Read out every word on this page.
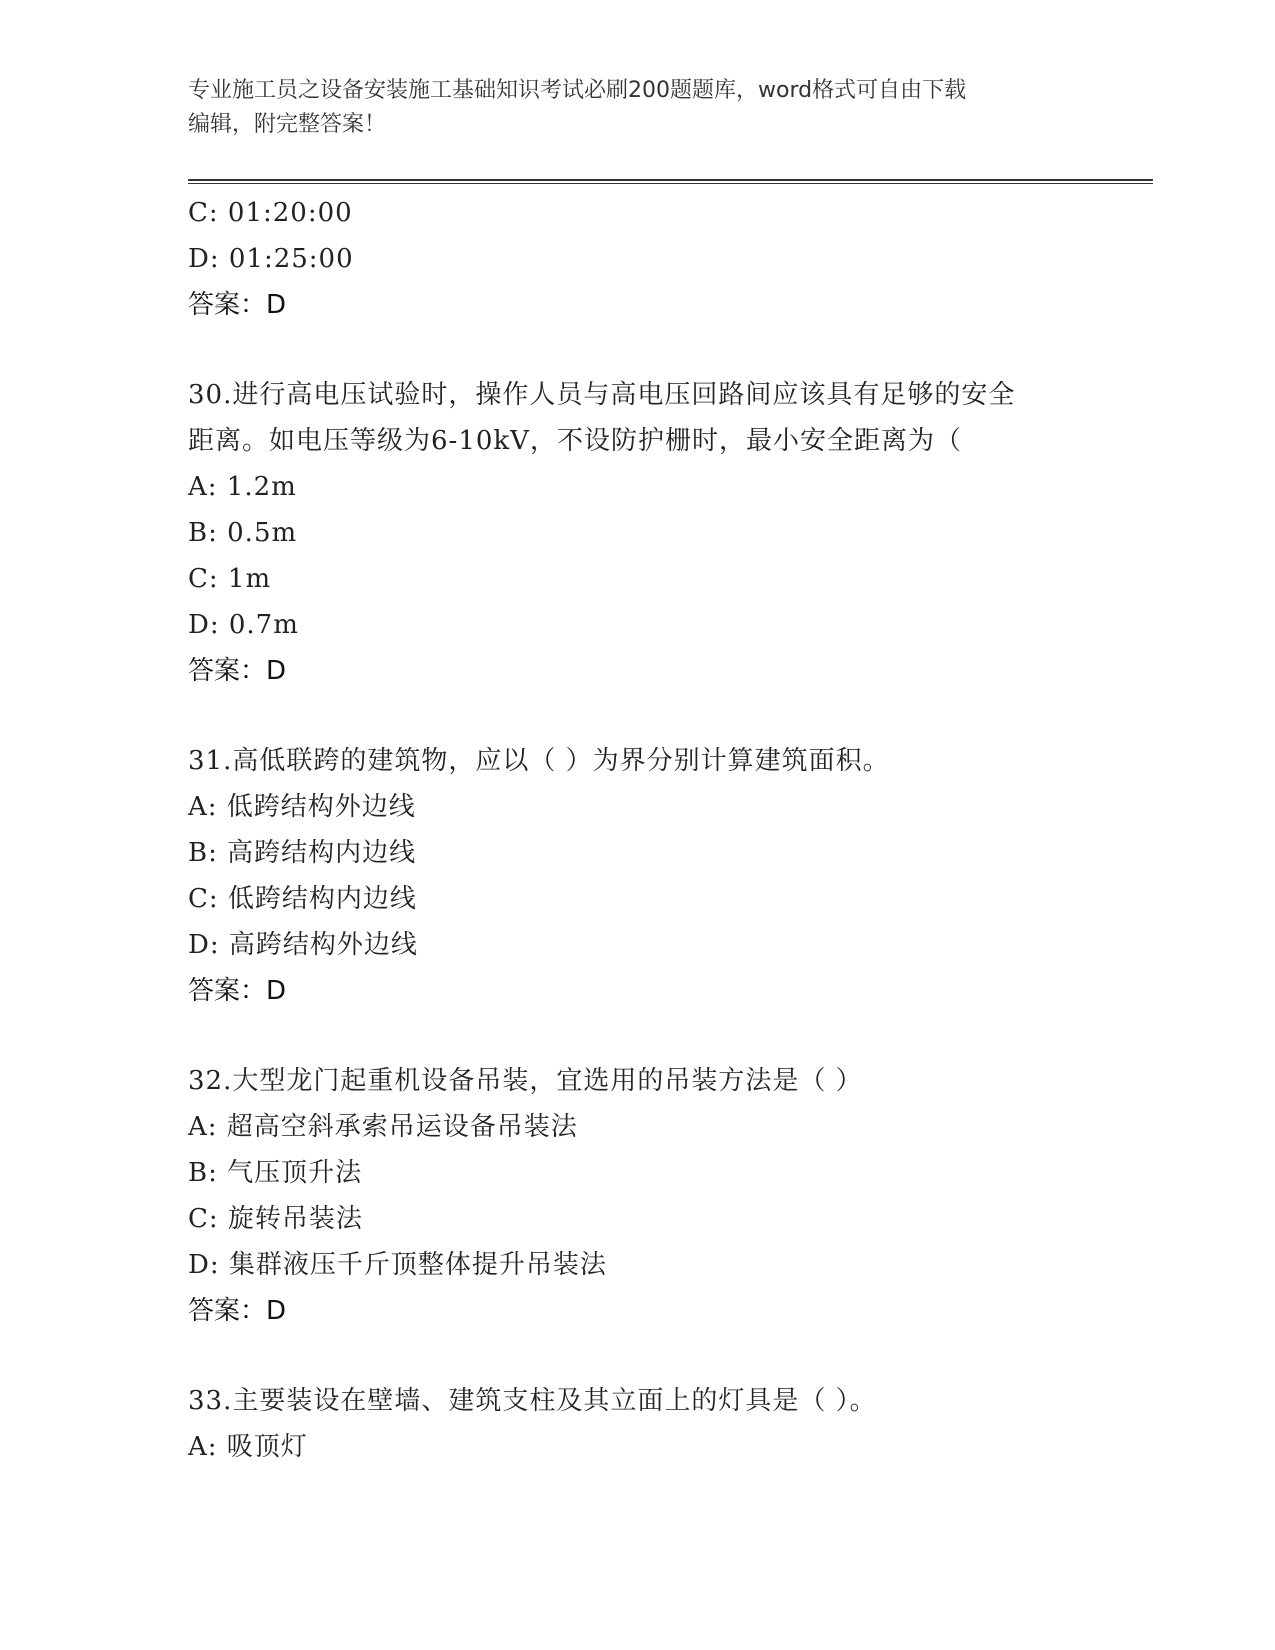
专业施工员之设备安装施工基础知识考试必刷200题题库，word格式可自由下载
编辑，附完整答案！
C: 01:20:00
D: 01:25:00
答案：D
30.进行高电压试验时，操作人员与高电压回路间应该具有足够的安全
距离。如电压等级为6-10kV，不设防护栅时，最小安全距离为（
A: 1.2m
B: 0.5m
C: 1m
D: 0.7m
答案：D
31.高低联跨的建筑物，应以（ ）为界分别计算建筑面积。
A: 低跨结构外边线
B: 高跨结构内边线
C: 低跨结构内边线
D: 高跨结构外边线
答案：D
32.大型龙门起重机设备吊装，宜选用的吊装方法是（ ）
A: 超高空斜承索吊运设备吊装法
B: 气压顶升法
C: 旋转吊装法
D: 集群液压千斤顶整体提升吊装法
答案：D
33.主要装设在壁墙、建筑支柱及其立面上的灯具是（ ）。
A: 吸顶灯
